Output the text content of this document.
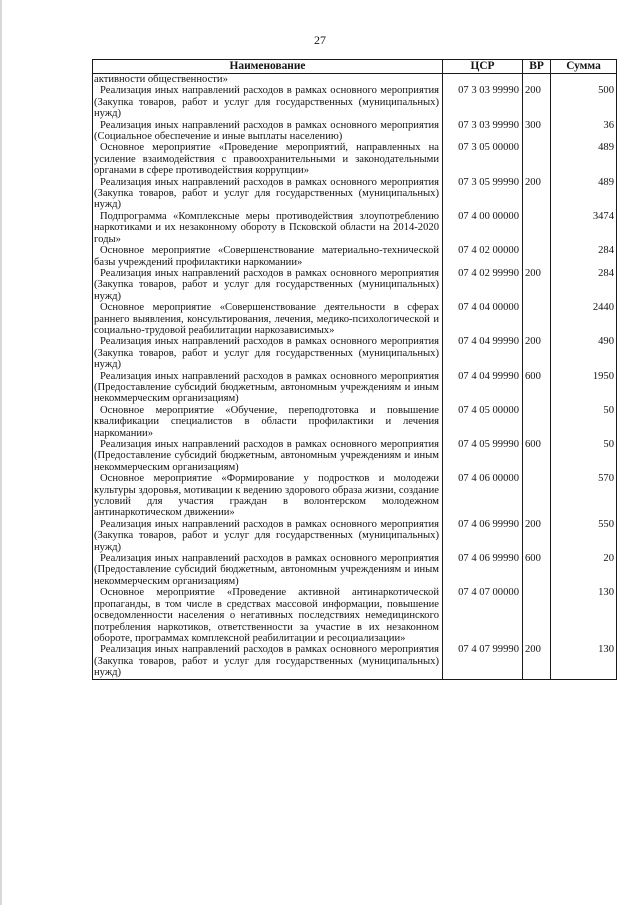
27
Наименование	ЦСР	ВР	Сумма
активности общественности»			
Реализация иных направлений расходов в рамках основного мероприятия (Закупка товаров, работ и услуг для государственных (муниципальных) нужд)	07 3 03 99990	200	500
Реализация иных направлений расходов в рамках основного мероприятия (Социальное обеспечение и иные выплаты населению)	07 3 03 99990	300	36
Основное мероприятие «Проведение мероприятий, направленных на усиление взаимодействия с правоохранительными и законодательными органами в сфере противодействия коррупции»	07 3 05 00000		489
Реализация иных направлений расходов в рамках основного мероприятия (Закупка товаров, работ и услуг для государственных (муниципальных) нужд)	07 3 05 99990	200	489
Подпрограмма «Комплексные меры противодействия злоупотреблению наркотиками и их незаконному обороту в Псковской области на 2014-2020 годы»	07 4 00 00000		3474
Основное мероприятие «Совершенствование материально-технической базы учреждений профилактики наркомании»	07 4 02 00000		284
Реализация иных направлений расходов в рамках основного мероприятия (Закупка товаров, работ и услуг для государственных (муниципальных) нужд)	07 4 02 99990	200	284
Основное мероприятие «Совершенствование деятельности в сферах раннего выявления, консультирования, лечения, медико-психологической и социально-трудовой реабилитации наркозависимых»	07 4 04 00000		2440
Реализация иных направлений расходов в рамках основного мероприятия (Закупка товаров, работ и услуг для государственных (муниципальных) нужд)	07 4 04 99990	200	490
Реализация иных направлений расходов в рамках основного мероприятия (Предоставление субсидий бюджетным, автономным учреждениям и иным некоммерческим организациям)	07 4 04 99990	600	1950
Основное мероприятие «Обучение, переподготовка и повышение квалификации специалистов в области профилактики и лечения наркомании»	07 4 05 00000		50
Реализация иных направлений расходов в рамках основного мероприятия (Предоставление субсидий бюджетным, автономным учреждениям и иным некоммерческим организациям)	07 4 05 99990	600	50
Основное мероприятие «Формирование у подростков и молодежи культуры здоровья, мотивации к ведению здорового образа жизни, создание условий для участия граждан в волонтерском молодежном антинаркотическом движении»	07 4 06 00000		570
Реализация иных направлений расходов в рамках основного мероприятия (Закупка товаров, работ и услуг для государственных (муниципальных) нужд)	07 4 06 99990	200	550
Реализация иных направлений расходов в рамках основного мероприятия (Предоставление субсидий бюджетным, автономным учреждениям и иным некоммерческим организациям)	07 4 06 99990	600	20
Основное мероприятие «Проведение активной антинаркотической пропаганды, в том числе в средствах массовой информации, повышение осведомленности населения о негативных последствиях немедицинского потребления наркотиков, ответственности за участие в их незаконном обороте, программах комплексной реабилитации и ресоциализации»	07 4 07 00000		130
Реализация иных направлений расходов в рамках основного мероприятия (Закупка товаров, работ и услуг для государственных (муниципальных) нужд)	07 4 07 99990	200	130
